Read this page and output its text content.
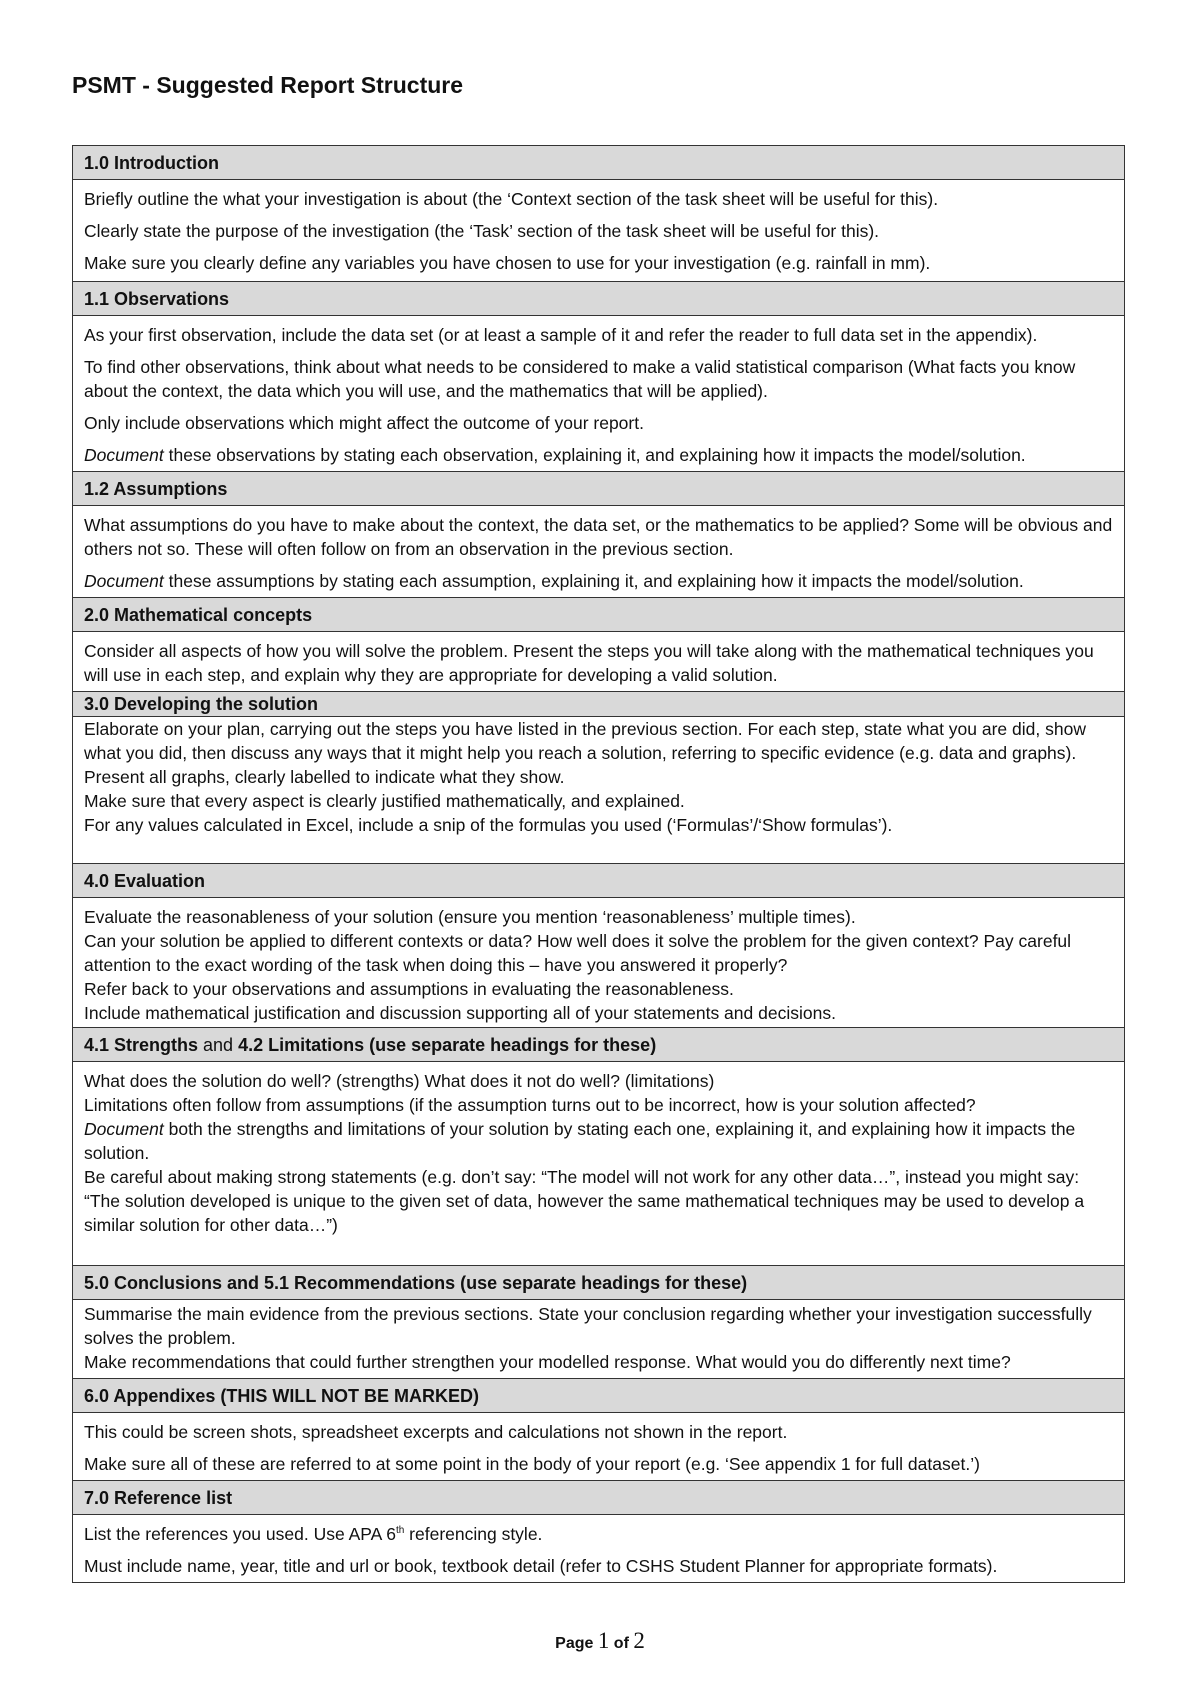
PSMT - Suggested Report Structure
1.0 Introduction

Briefly outline the what your investigation is about (the ‘Context section of the task sheet will be useful for this).

Clearly state the purpose of the investigation (the ‘Task’ section of the task sheet will be useful for this).

Make sure you clearly define any variables you have chosen to use for your investigation (e.g. rainfall in mm).

1.1 Observations

As your first observation, include the data set (or at least a sample of it and refer the reader to full data set in the appendix).

To find other observations, think about what needs to be considered to make a valid statistical comparison (What facts you know about the context, the data which you will use, and the mathematics that will be applied).

Only include observations which might affect the outcome of your report.

Document these observations by stating each observation, explaining it, and explaining how it impacts the model/solution.

1.2 Assumptions

What assumptions do you have to make about the context, the data set, or the mathematics to be applied? Some will be obvious and others not so. These will often follow on from an observation in the previous section.

Document these assumptions by stating each assumption, explaining it, and explaining how it impacts the model/solution.

2.0 Mathematical concepts

Consider all aspects of how you will solve the problem. Present the steps you will take along with the mathematical techniques you will use in each step, and explain why they are appropriate for developing a valid solution.

3.0 Developing the solution

Elaborate on your plan, carrying out the steps you have listed in the previous section. For each step, state what you are did, show what you did, then discuss any ways that it might help you reach a solution, referring to specific evidence (e.g. data and graphs).

Present all graphs, clearly labelled to indicate what they show.

Make sure that every aspect is clearly justified mathematically, and explained.

For any values calculated in Excel, include a snip of the formulas you used (‘Formulas’/‘Show formulas’).

4.0 Evaluation

Evaluate the reasonableness of your solution (ensure you mention ‘reasonableness’ multiple times).

Can your solution be applied to different contexts or data? How well does it solve the problem for the given context? Pay careful attention to the exact wording of the task when doing this – have you answered it properly?

Refer back to your observations and assumptions in evaluating the reasonableness.

Include mathematical justification and discussion supporting all of your statements and decisions.

4.1 Strengths and 4.2 Limitations (use separate headings for these)

What does the solution do well? (strengths) What does it not do well? (limitations)

Limitations often follow from assumptions (if the assumption turns out to be incorrect, how is your solution affected?

Document both the strengths and limitations of your solution by stating each one, explaining it, and explaining how it impacts the solution.

Be careful about making strong statements (e.g. don’t say: “The model will not work for any other data…”, instead you might say: “The solution developed is unique to the given set of data, however the same mathematical techniques may be used to develop a similar solution for other data…”)

5.0 Conclusions and 5.1 Recommendations (use separate headings for these)

Summarise the main evidence from the previous sections. State your conclusion regarding whether your investigation successfully solves the problem.

Make recommendations that could further strengthen your modelled response. What would you do differently next time?

6.0 Appendixes (THIS WILL NOT BE MARKED)

This could be screen shots, spreadsheet excerpts and calculations not shown in the report.

Make sure all of these are referred to at some point in the body of your report (e.g. ‘See appendix 1 for full dataset.’)

7.0 Reference list

List the references you used. Use APA 6th referencing style.

Must include name, year, title and url or book, textbook detail (refer to CSHS Student Planner for appropriate formats).

Page 1 of 2
